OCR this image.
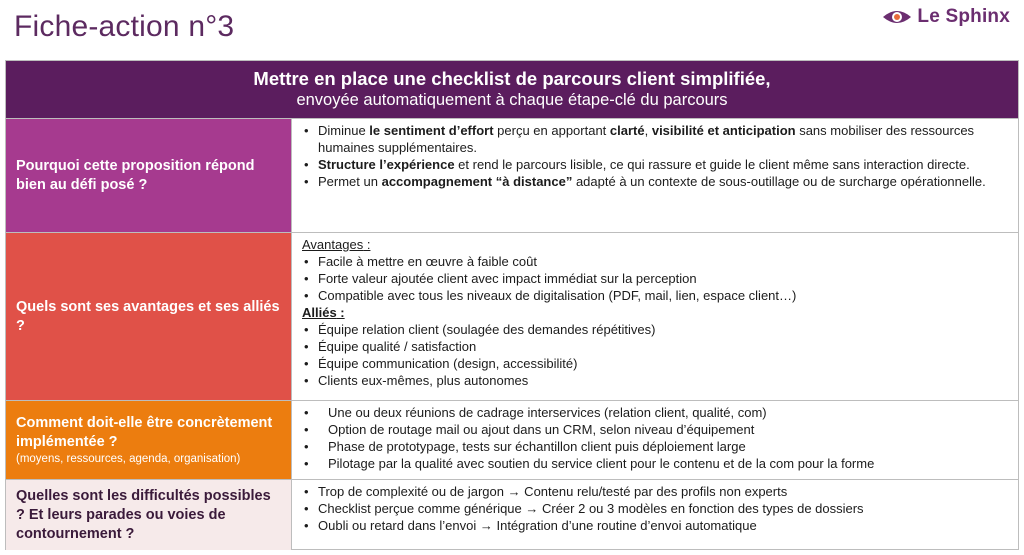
Fiche-action n°3	Le Sphinx
Mettre en place une checklist de parcours client simplifiée,
envoyée automatiquement à chaque étape-clé du parcours
Pourquoi cette proposition répond bien au défi posé ?
• Diminue le sentiment d’effort perçu en apportant clarté, visibilité et anticipation sans mobiliser des ressources humaines supplémentaires.
• Structure l’expérience et rend le parcours lisible, ce qui rassure et guide le client même sans interaction directe.
• Permet un accompagnement “à distance” adapté à un contexte de sous-outillage ou de surcharge opérationnelle.
Quels sont ses avantages et ses alliés ?
Avantages :
• Facile à mettre en œuvre à faible coût
• Forte valeur ajoutée client avec impact immédiat sur la perception
• Compatible avec tous les niveaux de digitalisation (PDF, mail, lien, espace client…)
Alliés :
• Équipe relation client (soulagée des demandes répétitives)
• Équipe qualité / satisfaction
• Équipe communication (design, accessibilité)
• Clients eux-mêmes, plus autonomes
Comment doit-elle être concrètement implémentée ?
(moyens, ressources, agenda, organisation)
• Une ou deux réunions de cadrage interservices (relation client, qualité, com)
• Option de routage mail ou ajout dans un CRM, selon niveau d’équipement
• Phase de prototypage, tests sur échantillon client puis déploiement large
• Pilotage par la qualité avec soutien du service client pour le contenu et de la com pour la forme
Quelles sont les difficultés possibles ? Et leurs parades ou voies de contournement ?
• Trop de complexité ou de jargon → Contenu relu/testé par des profils non experts
• Checklist perçue comme générique → Créer 2 ou 3 modèles en fonction des types de dossiers
• Oubli ou retard dans l’envoi → Intégration d’une routine d’envoi automatique
